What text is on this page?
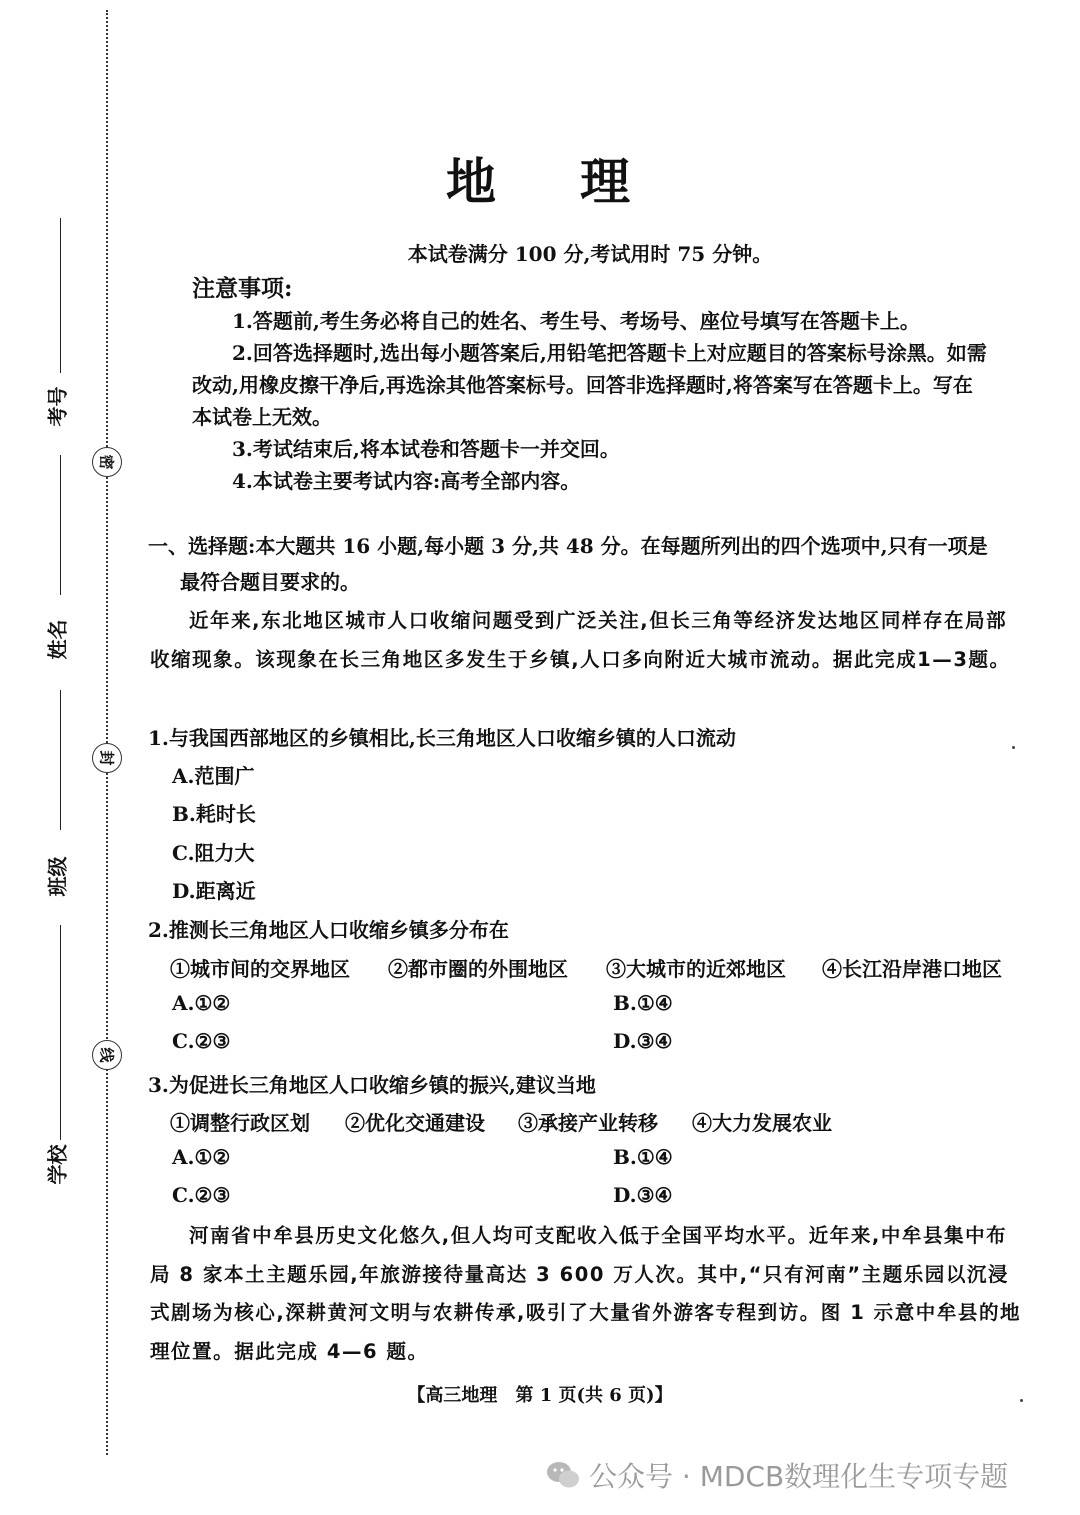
考号
姓名
班级
学校
密
封
线
地 理
本试卷满分 100 分,考试用时 75 分钟。
注意事项:

1.答题前,考生务必将自己的姓名、考生号、考场号、座位号填写在答题卡上。

2.回答选择题时,选出每小题答案后,用铅笔把答题卡上对应题目的答案标号涂黑。如需改动,用橡皮擦干净后,再选涂其他答案标号。回答非选择题时,将答案写在答题卡上。写在本试卷上无效。

3.考试结束后,将本试卷和答题卡一并交回。

4.本试卷主要考试内容:高考全部内容。

一、选择题:本大题共 16 小题,每小题 3 分,共 48 分。在每题所列出的四个选项中,只有一项是
最符合题目要求的。

近年来,东北地区城市人口收缩问题受到广泛关注,但长三角等经济发达地区同样存在局部收缩现象。该现象在长三角地区多发生于乡镇,人口多向附近大城市流动。据此完成1—3题。

1.与我国西部地区的乡镇相比,长三角地区人口收缩乡镇的人口流动
A.范围广
B.耗时长
C.阻力大
D.距离近
2.推测长三角地区人口收缩乡镇多分布在
①城市间的交界地区 ②都市圈的外围地区 ③大城市的近郊地区 ④长江沿岸港口地区
A.①②	B.①④
C.②③	D.③④
3.为促进长三角地区人口收缩乡镇的振兴,建议当地
①调整行政区划 ②优化交通建设 ③承接产业转移 ④大力发展农业
A.①②	B.①④
C.②③	D.③④

河南省中牟县历史文化悠久,但人均可支配收入低于全国平均水平。近年来,中牟县集中布局 8 家本土主题乐园,年旅游接待量高达 3 600 万人次。其中,“只有河南”主题乐园以沉浸式剧场为核心,深耕黄河文明与农耕传承,吸引了大量省外游客专程到访。图 1 示意中牟县的地理位置。据此完成 4—6 题。

【高三地理　第 1 页(共 6 页)】
公众号 · MDCB数理化生专项专题
